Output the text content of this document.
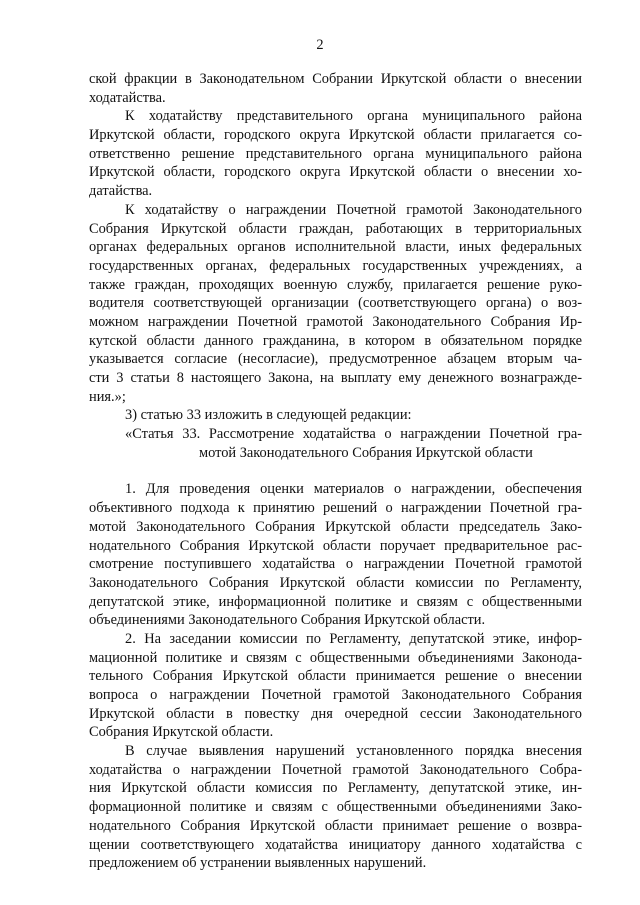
2
ской фракции в Законодательном Собрании Иркутской области о внесении
ходатайства.
К ходатайству представительного органа муниципального района
Иркутской области, городского округа Иркутской области прилагается со-
ответственно решение представительного органа муниципального района
Иркутской области, городского округа Иркутской области о внесении хо-
датайства.
К ходатайству о награждении Почетной грамотой Законодательного
Собрания Иркутской области граждан, работающих в территориальных
органах федеральных органов исполнительной власти, иных федеральных
государственных органах, федеральных государственных учреждениях, а
также граждан, проходящих военную службу, прилагается решение руко-
водителя соответствующей организации (соответствующего органа) о воз-
можном награждении Почетной грамотой Законодательного Собрания Ир-
кутской области данного гражданина, в котором в обязательном порядке
указывается согласие (несогласие), предусмотренное абзацем вторым ча-
сти 3 статьи 8 настоящего Закона, на выплату ему денежного вознагражде-
ния.»;
3) статью 33 изложить в следующей редакции:
«Статья 33. Рассмотрение ходатайства о награждении Почетной гра-
мотой Законодательного Собрания Иркутской области
1. Для проведения оценки материалов о награждении, обеспечения
объективного подхода к принятию решений о награждении Почетной гра-
мотой Законодательного Собрания Иркутской области председатель Зако-
нодательного Собрания Иркутской области поручает предварительное рас-
смотрение поступившего ходатайства о награждении Почетной грамотой
Законодательного Собрания Иркутской области комиссии по Регламенту,
депутатской этике, информационной политике и связям с общественными
объединениями Законодательного Собрания Иркутской области.
2. На заседании комиссии по Регламенту, депутатской этике, инфор-
мационной политике и связям с общественными объединениями Законода-
тельного Собрания Иркутской области принимается решение о внесении
вопроса о награждении Почетной грамотой Законодательного Собрания
Иркутской области в повестку дня очередной сессии Законодательного
Собрания Иркутской области.
В случае выявления нарушений установленного порядка внесения
ходатайства о награждении Почетной грамотой Законодательного Собра-
ния Иркутской области комиссия по Регламенту, депутатской этике, ин-
формационной политике и связям с общественными объединениями Зако-
нодательного Собрания Иркутской области принимает решение о возвра-
щении соответствующего ходатайства инициатору данного ходатайства с
предложением об устранении выявленных нарушений.
